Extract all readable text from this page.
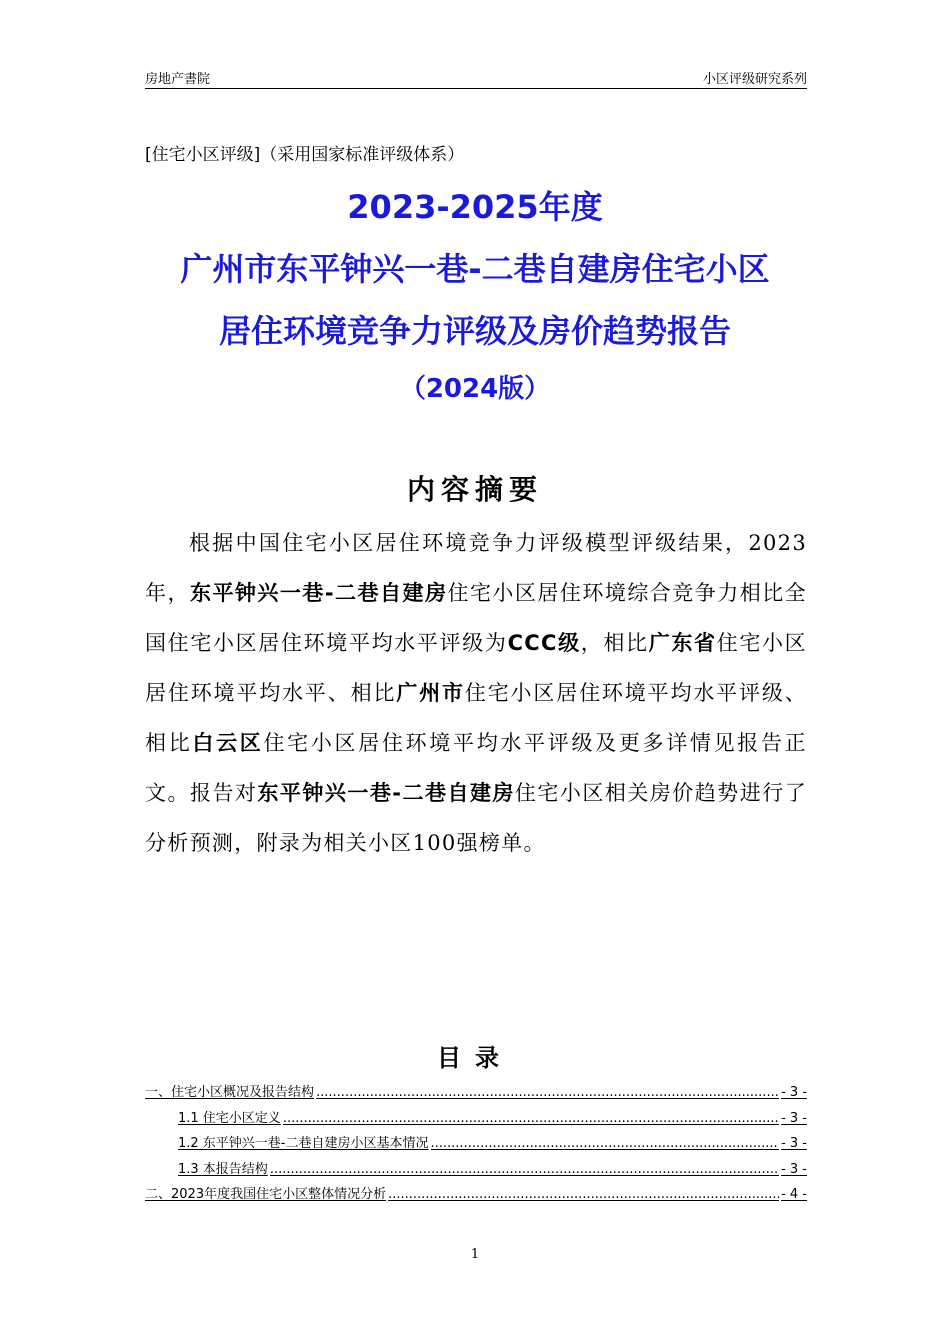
房地产書院	小区评级研究系列
[住宅小区评级]（采用国家标准评级体系）
2023-2025年度
广州市东平钟兴一巷-二巷自建房住宅小区
居住环境竞争力评级及房价趋势报告
（2024版）
内容摘要

根据中国住宅小区居住环境竞争力评级模型评级结果，2023年，东平钟兴一巷-二巷自建房住宅小区居住环境综合竞争力相比全国住宅小区居住环境平均水平评级为CCC级，相比广东省住宅小区居住环境平均水平、相比广州市住宅小区居住环境平均水平评级、相比白云区住宅小区居住环境平均水平评级及更多详情见报告正文。报告对东平钟兴一巷-二巷自建房住宅小区相关房价趋势进行了分析预测，附录为相关小区100强榜单。

目录
一、住宅小区概况及报告结构 .....	- 3 -
1.1 住宅小区定义 .....	- 3 -
1.2 东平钟兴一巷-二巷自建房小区基本情况 .....	- 3 -
1.3 本报告结构 .....	- 3 -
二、2023年度我国住宅小区整体情况分析 .....	- 4 -
1
